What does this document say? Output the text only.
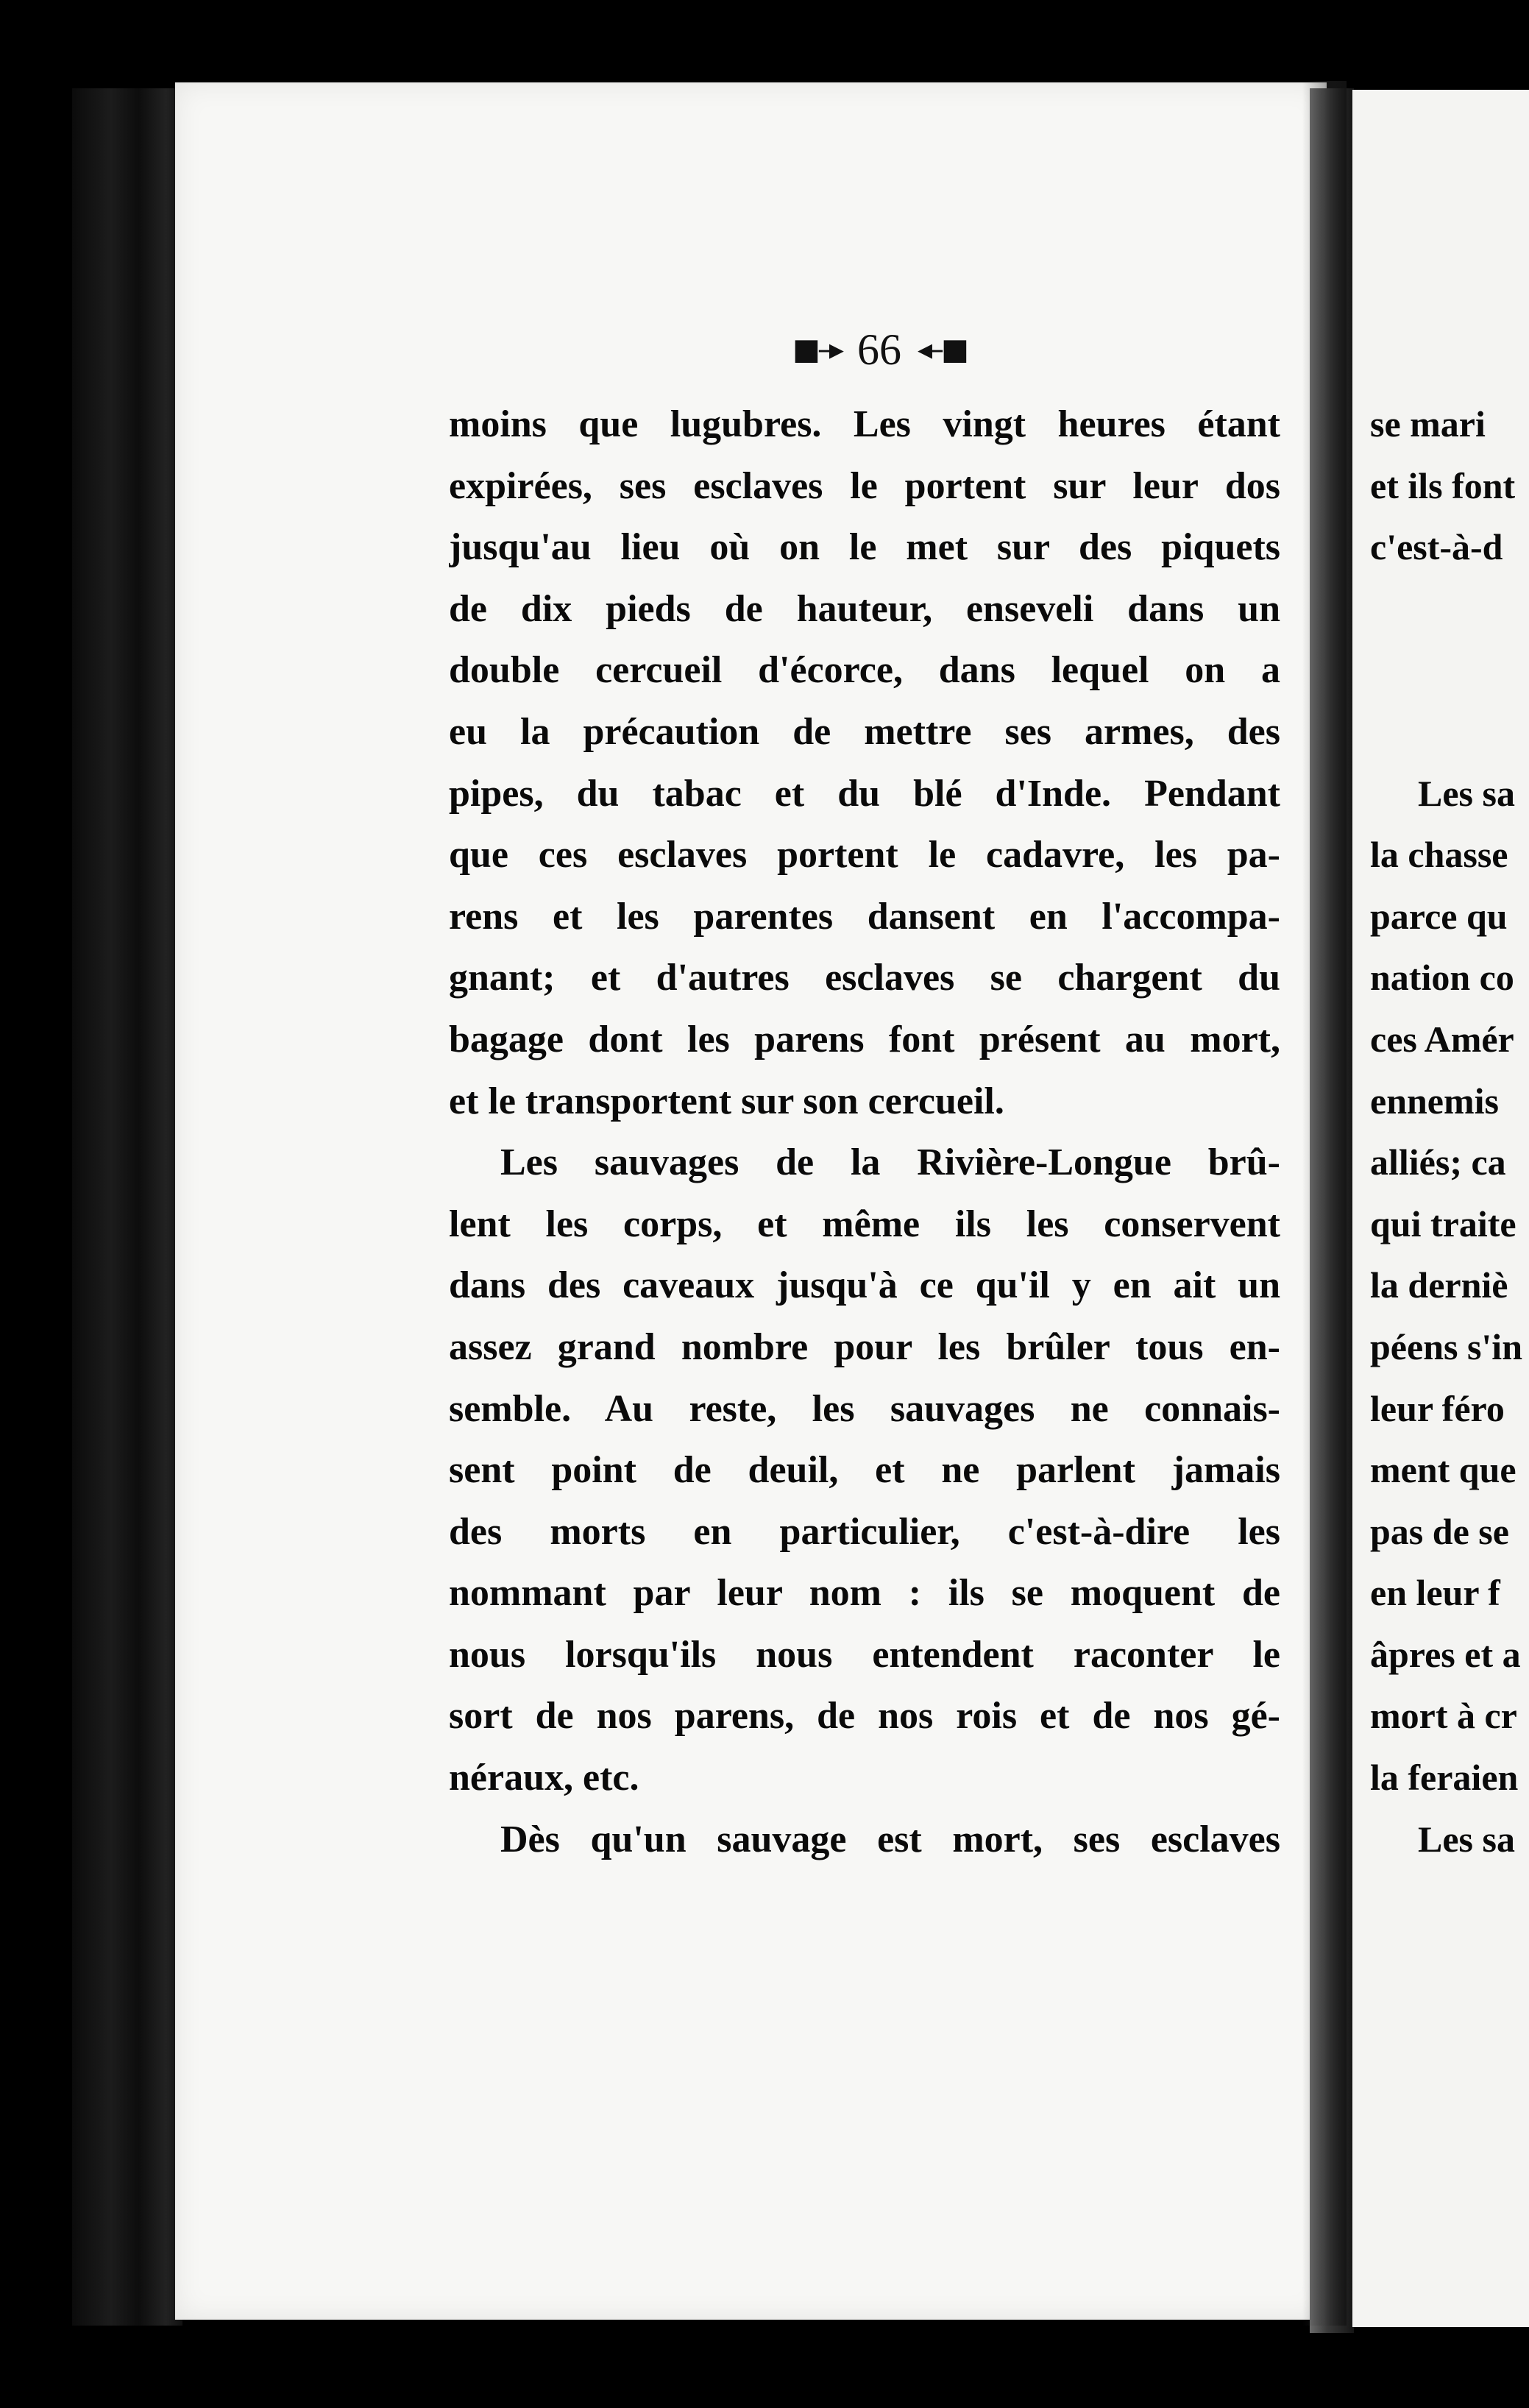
■–▸ 66 ◂–■
moins que lugubres. Les vingt heures étant
expirées, ses esclaves le portent sur leur dos
jusqu'au lieu où on le met sur des piquets
de dix pieds de hauteur, enseveli dans un
double cercueil d'écorce, dans lequel on a
eu la précaution de mettre ses armes, des
pipes, du tabac et du blé d'Inde. Pendant
que ces esclaves portent le cadavre, les pa-
rens et les parentes dansent en l'accompa-
gnant; et d'autres esclaves se chargent du
bagage dont les parens font présent au mort,
et le transportent sur son cercueil.
Les sauvages de la Rivière-Longue brû-
lent les corps, et même ils les conservent
dans des caveaux jusqu'à ce qu'il y en ait un
assez grand nombre pour les brûler tous en-
semble. Au reste, les sauvages ne connais-
sent point de deuil, et ne parlent jamais
des morts en particulier, c'est-à-dire les
nommant par leur nom : ils se moquent de
nous lorsqu'ils nous entendent raconter le
sort de nos parens, de nos rois et de nos gé-
néraux, etc.
Dès qu'un sauvage est mort, ses esclaves
se mari
et ils font
c'est-à-d
Les sa
la chasse
parce qu
nation co
ces Amér
ennemis
alliés; ca
qui traite
la derniè
péens s'in
leur féro
ment que
pas de se
en leur f
âpres et a
mort à cr
la feraien
Les sa
